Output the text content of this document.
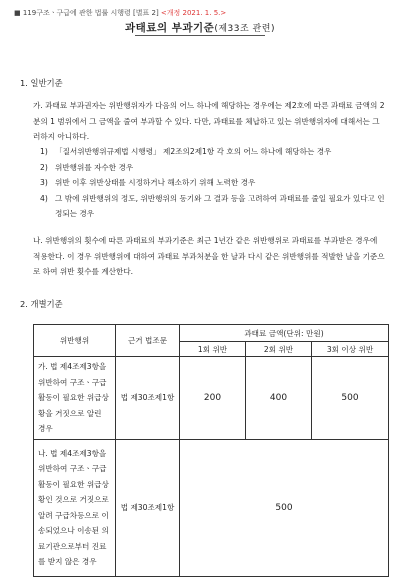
■ 119구조ㆍ구급에 관한 법률 시행령 [별표 2] <개정 2021. 1. 5.>
과태료의 부과기준(제33조 관련)
1. 일반기준
가. 과태료 부과권자는 위반행위자가 다음의 어느 하나에 해당하는 경우에는 제2호에 따른 과태료 금액의 2분의 1 범위에서 그 금액을 줄여 부과할 수 있다. 다만, 과태료를 체납하고 있는 위반행위자에 대해서는 그러하지 아니하다.
1) 「질서위반행위규제법 시행령」 제2조의2제1항 각 호의 어느 하나에 해당하는 경우
2) 위반행위를 자수한 경우
3) 위반 이후 위반상태를 시정하거나 해소하기 위해 노력한 경우
4) 그 밖에 위반행위의 정도, 위반행위의 동기와 그 결과 등을 고려하여 과태료를 줄일 필요가 있다고 인정되는 경우
나. 위반행위의 횟수에 따른 과태료의 부과기준은 최근 1년간 같은 위반행위로 과태료를 부과받은 경우에 적용한다. 이 경우 위반행위에 대하여 과태료 부과처분을 한 날과 다시 같은 위반행위를 적발한 날을 기준으로 하여 위반 횟수를 계산한다.
2. 개별기준

위반행위	근거 법조문	과태료 금액(단위: 만원)		
		1회 위반	2회 위반	3회 이상 위반
가. 법 제4조제3항을 위반하여 구조ㆍ구급활동이 필요한 위급상황을 거짓으로 알린 경우	법 제30조제1항	200	400	500
나. 법 제4조제3항을 위반하여 구조ㆍ구급활동이 필요한 위급상황인 것으로 거짓으로 알려 구급차등으로 이송되었으나 이송된 의료기관으로부터 진료를 받지 않은 경우	법 제30조제1항	500		
